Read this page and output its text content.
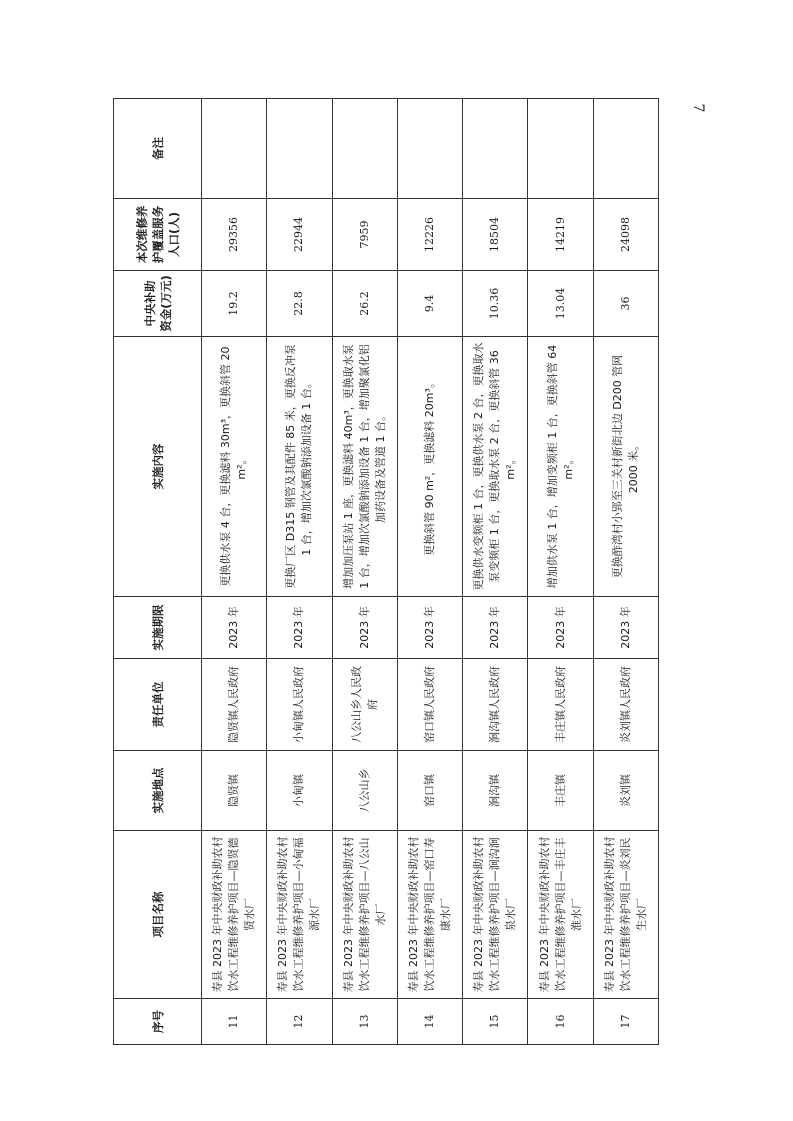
7
序号	项目名称	实施地点	责任单位	实施期限	实施内容	中央补助资金(万元)	本次维修养护覆盖服务人口(人)	备注
11	寿县 2023 年中央财政补助农村饮水工程维修养护项目—隐贤德贤水厂	隐贤镇	隐贤镇人民政府	2023 年	更换供水泵 4 台，更换滤料 30m³，更换斜管 20 m²。	19.2	29356	
12	寿县 2023 年中央财政补助农村饮水工程维修养护项目—小甸福源水厂	小甸镇	小甸镇人民政府	2023 年	更换厂区 D315 钢管及其配件 85 米，更换反冲泵 1 台，增加次氯酸钠添加设备 1 台。	22.8	22944	
13	寿县 2023 年中央财政补助农村饮水工程维修养护项目—八公山水厂	八公山乡	八公山乡人民政府	2023 年	增加加压泵站 1 座，更换滤料 40m³，更换取水泵 1 台，增加次氯酸钠添加设备 1 台，增加聚氯化铝加药设备及管道 1 台。	26.2	7959	
14	寿县 2023 年中央财政补助农村饮水工程维修养护项目—窑口寿康水厂	窑口镇	窑口镇人民政府	2023 年	更换斜管 90 m²，更换滤料 20m³。	9.4	12226	
15	寿县 2023 年中央财政补助农村饮水工程维修养护项目—涧沟涧泉水厂	涧沟镇	涧沟镇人民政府	2023 年	更换供水变频柜 1 台，更换供水泵 2 台，更换取水泵变频柜 1 台，更换取水泵 2 台，更换斜管 36 m²。	10.36	18504	
16	寿县 2023 年中央财政补助农村饮水工程维修养护项目—丰庄丰淮水厂	丰庄镇	丰庄镇人民政府	2023 年	增加供水泵 1 台，增加变频柜 1 台，更换斜管 64 m²。	13.04	14219	
17	寿县 2023 年中央财政补助农村饮水工程维修养护项目—炎刘民生水厂	炎刘镇	炎刘镇人民政府	2023 年	更换酢湾村小郢至三关村新街北边 D200 管网 2000 米。	36	24098	
